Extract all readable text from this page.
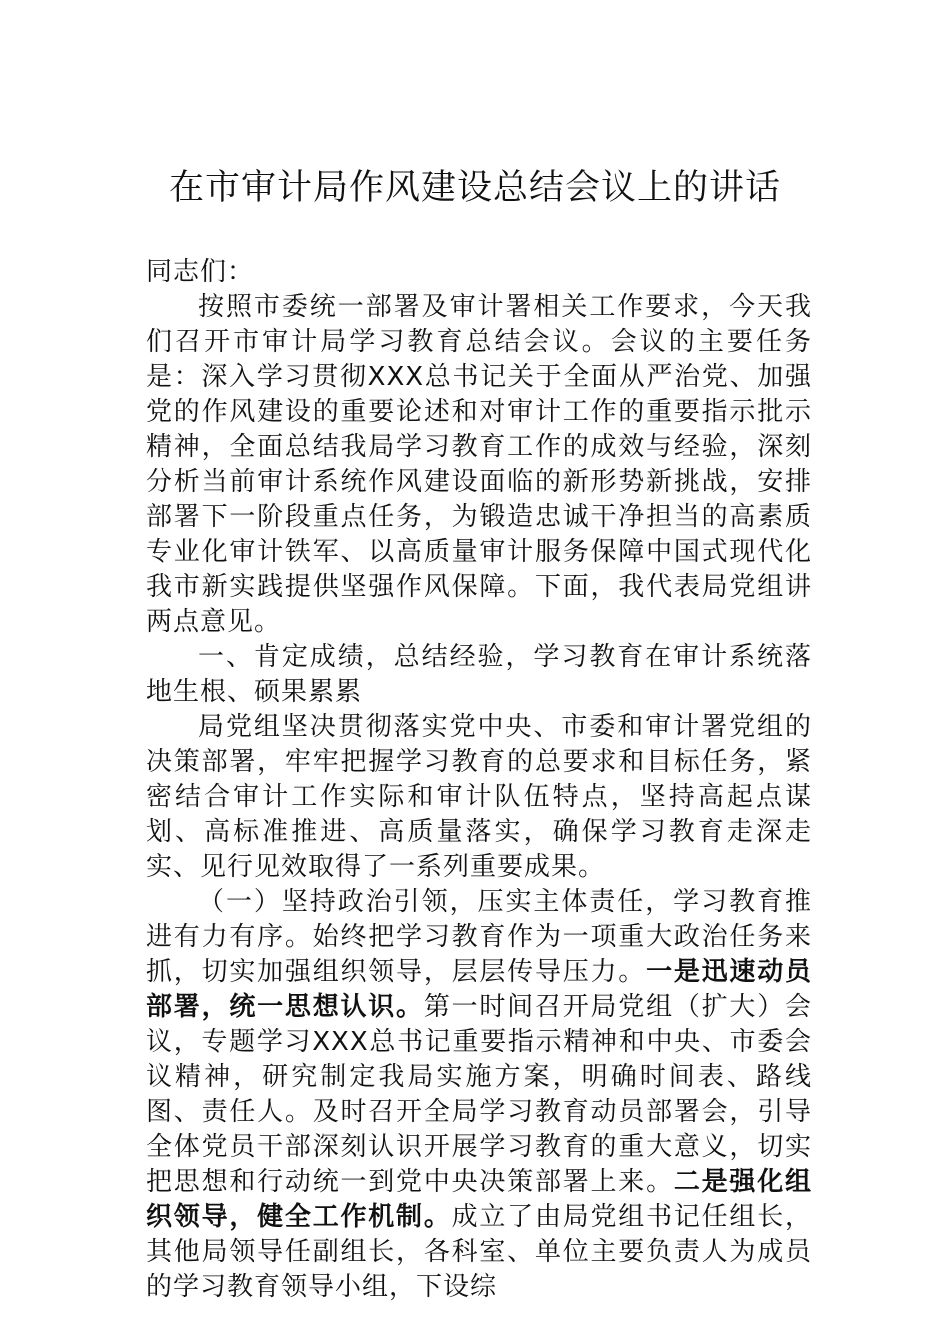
在市审计局作风建设总结会议上的讲话

同志们：

按照市委统一部署及审计署相关工作要求，今天我们召开市审计局学习教育总结会议。会议的主要任务是：深入学习贯彻XXX总书记关于全面从严治党、加强党的作风建设的重要论述和对审计工作的重要指示批示精神，全面总结我局学习教育工作的成效与经验，深刻分析当前审计系统作风建设面临的新形势新挑战，安排部署下一阶段重点任务，为锻造忠诚干净担当的高素质专业化审计铁军、以高质量审计服务保障中国式现代化我市新实践提供坚强作风保障。下面，我代表局党组讲两点意见。

一、肯定成绩，总结经验，学习教育在审计系统落地生根、硕果累累

局党组坚决贯彻落实党中央、市委和审计署党组的决策部署，牢牢把握学习教育的总要求和目标任务，紧密结合审计工作实际和审计队伍特点，坚持高起点谋划、高标准推进、高质量落实，确保学习教育走深走实、见行见效取得了一系列重要成果。

（一）坚持政治引领，压实主体责任，学习教育推进有力有序。始终把学习教育作为一项重大政治任务来抓，切实加强组织领导，层层传导压力。一是迅速动员部署，统一思想认识。第一时间召开局党组（扩大）会议，专题学习XXX总书记重要指示精神和中央、市委会议精神，研究制定我局实施方案，明确时间表、路线图、责任人。及时召开全局学习教育动员部署会，引导全体党员干部深刻认识开展学习教育的重大意义，切实把思想和行动统一到党中央决策部署上来。二是强化组织领导，健全工作机制。成立了由局党组书记任组长，其他局领导任副组长，各科室、单位主要负责人为成员的学习教育领导小组，下设综
